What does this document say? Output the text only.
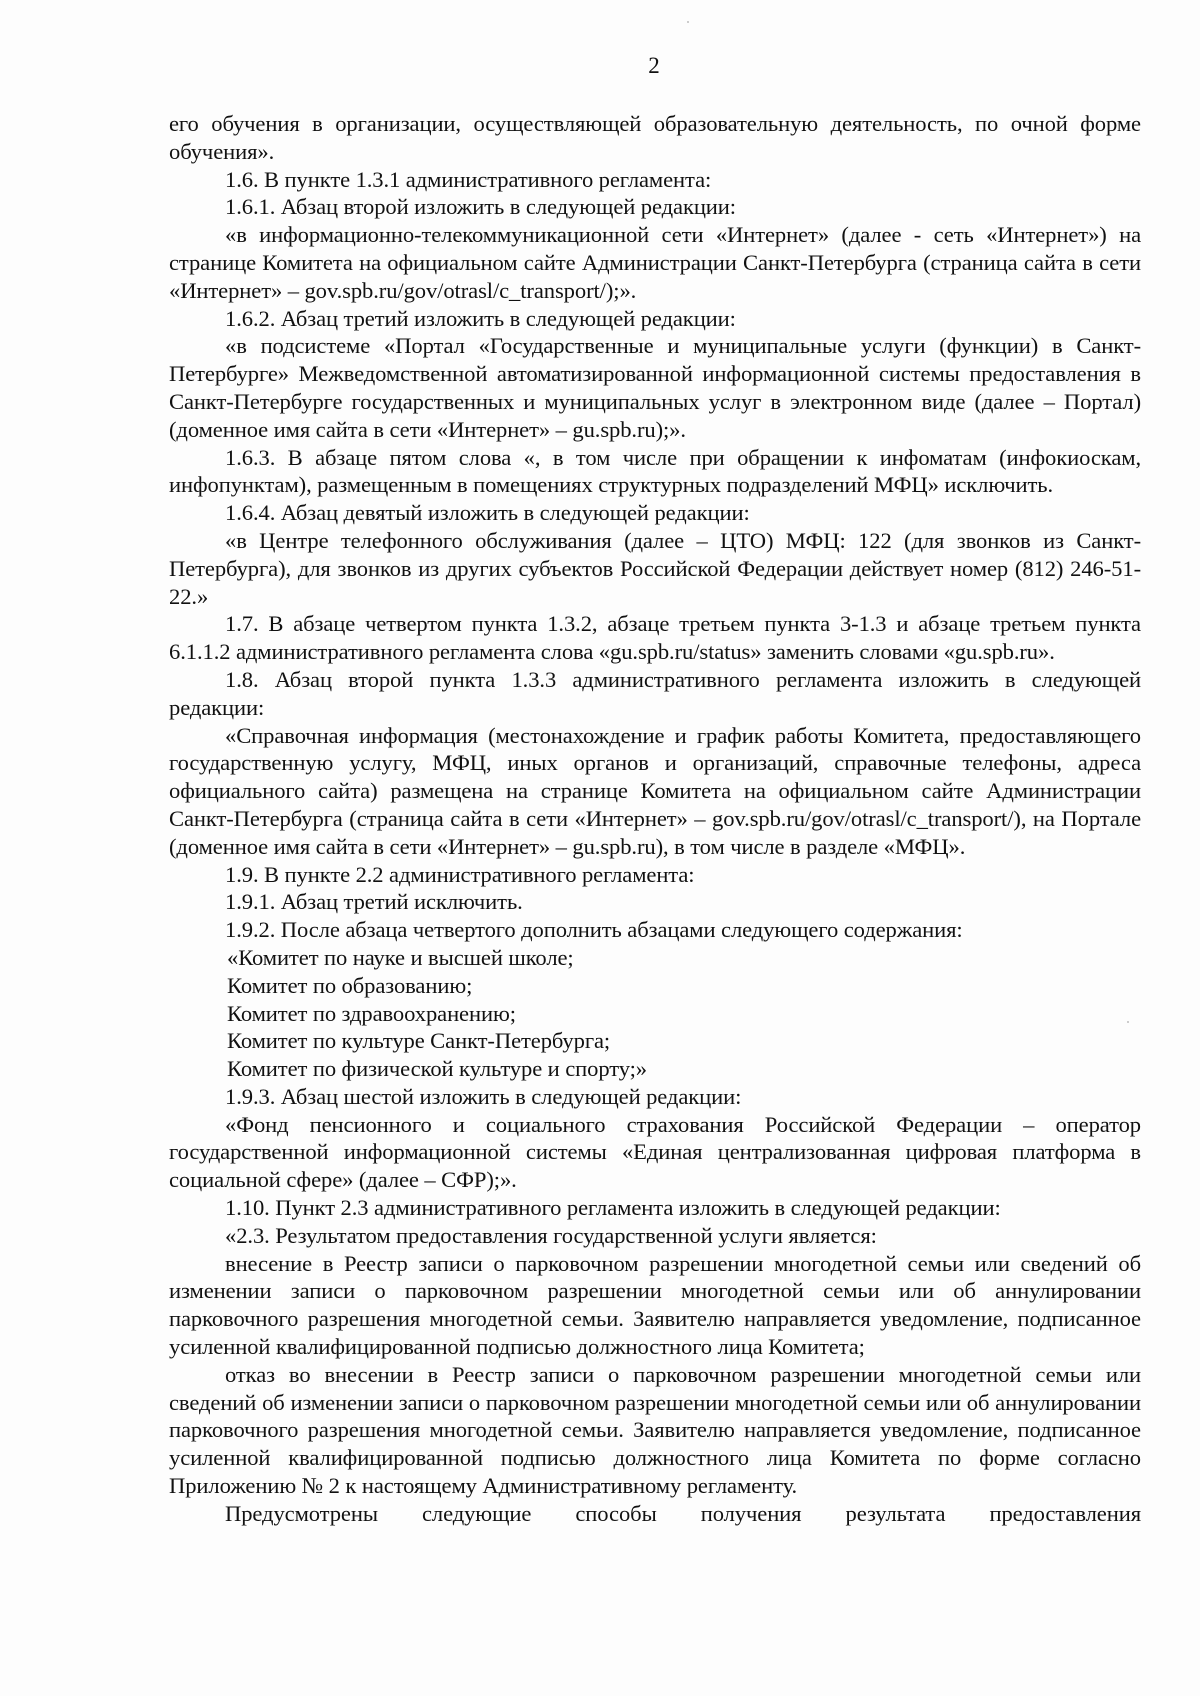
2

его обучения в организации, осуществляющей образовательную деятельность, по очной форме обучения».

1.6. В пункте 1.3.1 административного регламента:

1.6.1. Абзац второй изложить в следующей редакции:

«в информационно-телекоммуникационной сети «Интернет» (далее - сеть «Интернет») на странице Комитета на официальном сайте Администрации Санкт-Петербурга (страница сайта в сети «Интернет» – gov.spb.ru/gov/otrasl/c_transport/);».

1.6.2. Абзац третий изложить в следующей редакции:

«в подсистеме «Портал «Государственные и муниципальные услуги (функции) в Санкт-Петербурге» Межведомственной автоматизированной информационной системы предоставления в Санкт-Петербурге государственных и муниципальных услуг в электронном виде (далее – Портал) (доменное имя сайта в сети «Интернет» – gu.spb.ru);».

1.6.3. В абзаце пятом слова «, в том числе при обращении к инфоматам (инфокиоскам, инфопунктам), размещенным в помещениях структурных подразделений МФЦ» исключить.

1.6.4. Абзац девятый изложить в следующей редакции:

«в Центре телефонного обслуживания (далее – ЦТО) МФЦ: 122 (для звонков из Санкт-Петербурга), для звонков из других субъектов Российской Федерации действует номер (812) 246-51-22.»

1.7. В абзаце четвертом пункта 1.3.2, абзаце третьем пункта 3-1.3 и абзаце третьем пункта 6.1.1.2 административного регламента слова «gu.spb.ru/status» заменить словами «gu.spb.ru».

1.8. Абзац второй пункта 1.3.3 административного регламента изложить в следующей редакции:

«Справочная информация (местонахождение и график работы Комитета, предоставляющего государственную услугу, МФЦ, иных органов и организаций, справочные телефоны, адреса официального сайта) размещена на странице Комитета на официальном сайте Администрации Санкт-Петербурга (страница сайта в сети «Интернет» – gov.spb.ru/gov/otrasl/c_transport/), на Портале (доменное имя сайта в сети «Интернет» – gu.spb.ru), в том числе в разделе «МФЦ».

1.9. В пункте 2.2 административного регламента:

1.9.1. Абзац третий исключить.

1.9.2. После абзаца четвертого дополнить абзацами следующего содержания:

«Комитет по науке и высшей школе;

Комитет по образованию;

Комитет по здравоохранению;

Комитет по культуре Санкт-Петербурга;

Комитет по физической культуре и спорту;»

1.9.3. Абзац шестой изложить в следующей редакции:

«Фонд пенсионного и социального страхования Российской Федерации – оператор государственной информационной системы «Единая централизованная цифровая платформа в социальной сфере» (далее – СФР);».

1.10. Пункт 2.3 административного регламента изложить в следующей редакции:

«2.3. Результатом предоставления государственной услуги является:

внесение в Реестр записи о парковочном разрешении многодетной семьи или сведений об изменении записи о парковочном разрешении многодетной семьи или об аннулировании парковочного разрешения многодетной семьи. Заявителю направляется уведомление, подписанное усиленной квалифицированной подписью должностного лица Комитета;

отказ во внесении в Реестр записи о парковочном разрешении многодетной семьи или сведений об изменении записи о парковочном разрешении многодетной семьи или об аннулировании парковочного разрешения многодетной семьи. Заявителю направляется уведомление, подписанное усиленной квалифицированной подписью должностного лица Комитета по форме согласно Приложению № 2 к настоящему Административному регламенту.

Предусмотрены следующие способы получения результата предоставления
